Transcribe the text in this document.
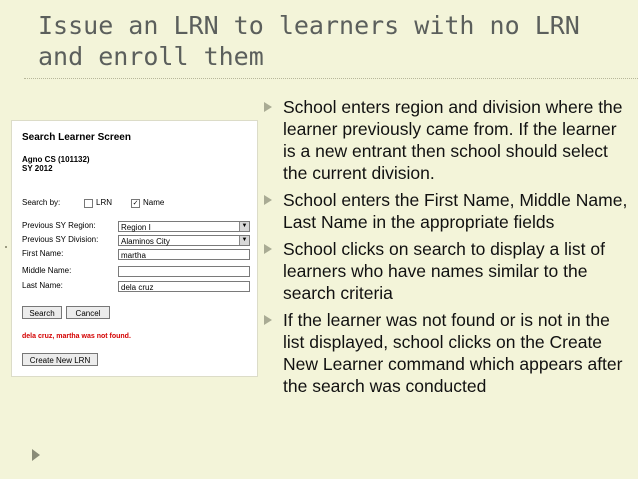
Issue an LRN to learners with no LRN and enroll them
Search Learner Screen
Agno CS (101132)
SY 2012
Search by:	LRN	✓ Name
Previous SY Region:	Region I	▼
Previous SY Division:	Alaminos City	▼
First Name:	martha
Middle Name:
Last Name:	dela cruz
Search	Cancel
dela cruz, martha was not found.
Create New LRN
School enters region and division where the learner previously came from. If the learner is a new entrant then school should select the current division.
School enters the First Name, Middle Name, Last Name in the appropriate fields
School clicks on search to display a list of learners who have names similar to the search criteria
If the learner was not found or is not in the list displayed, school clicks on the Create New Learner command which appears after the search was conducted
